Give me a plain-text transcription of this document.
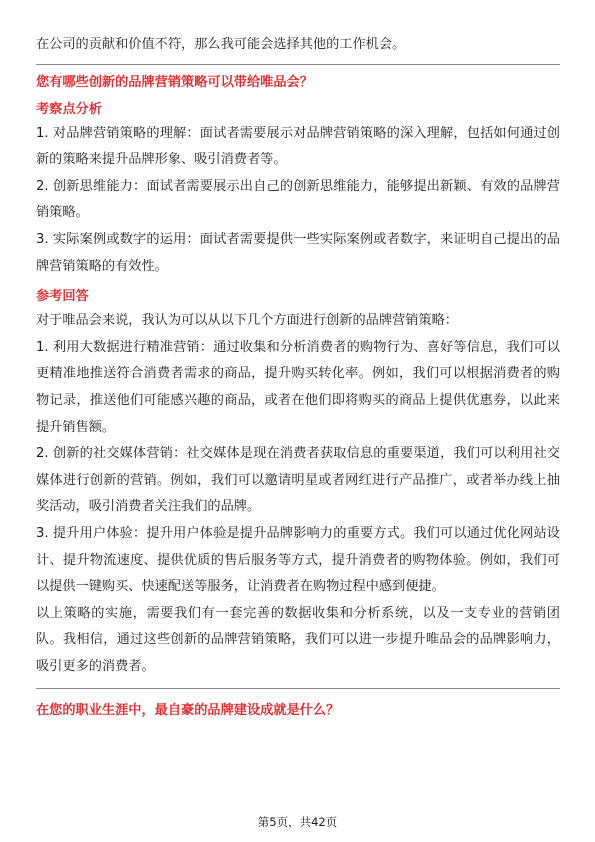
在公司的贡献和价值不符，那么我可能会选择其他的工作机会。

您有哪些创新的品牌营销策略可以带给唯品会？

考察点分析

1. 对品牌营销策略的理解：面试者需要展示对品牌营销策略的深入理解，包括如何通过创新的策略来提升品牌形象、吸引消费者等。

2. 创新思维能力：面试者需要展示出自己的创新思维能力，能够提出新颖、有效的品牌营销策略。

3. 实际案例或数字的运用：面试者需要提供一些实际案例或者数字，来证明自己提出的品牌营销策略的有效性。

参考回答

对于唯品会来说，我认为可以从以下几个方面进行创新的品牌营销策略：

1. 利用大数据进行精准营销：通过收集和分析消费者的购物行为、喜好等信息，我们可以更精准地推送符合消费者需求的商品，提升购买转化率。例如，我们可以根据消费者的购物记录，推送他们可能感兴趣的商品，或者在他们即将购买的商品上提供优惠券，以此来提升销售额。

2. 创新的社交媒体营销：社交媒体是现在消费者获取信息的重要渠道，我们可以利用社交媒体进行创新的营销。例如，我们可以邀请明星或者网红进行产品推广，或者举办线上抽奖活动，吸引消费者关注我们的品牌。

3. 提升用户体验：提升用户体验是提升品牌影响力的重要方式。我们可以通过优化网站设计、提升物流速度、提供优质的售后服务等方式，提升消费者的购物体验。例如，我们可以提供一键购买、快速配送等服务，让消费者在购物过程中感到便捷。

以上策略的实施，需要我们有一套完善的数据收集和分析系统，以及一支专业的营销团队。我相信，通过这些创新的品牌营销策略，我们可以进一步提升唯品会的品牌影响力，吸引更多的消费者。

在您的职业生涯中，最自豪的品牌建设成就是什么？

第5页，共42页
